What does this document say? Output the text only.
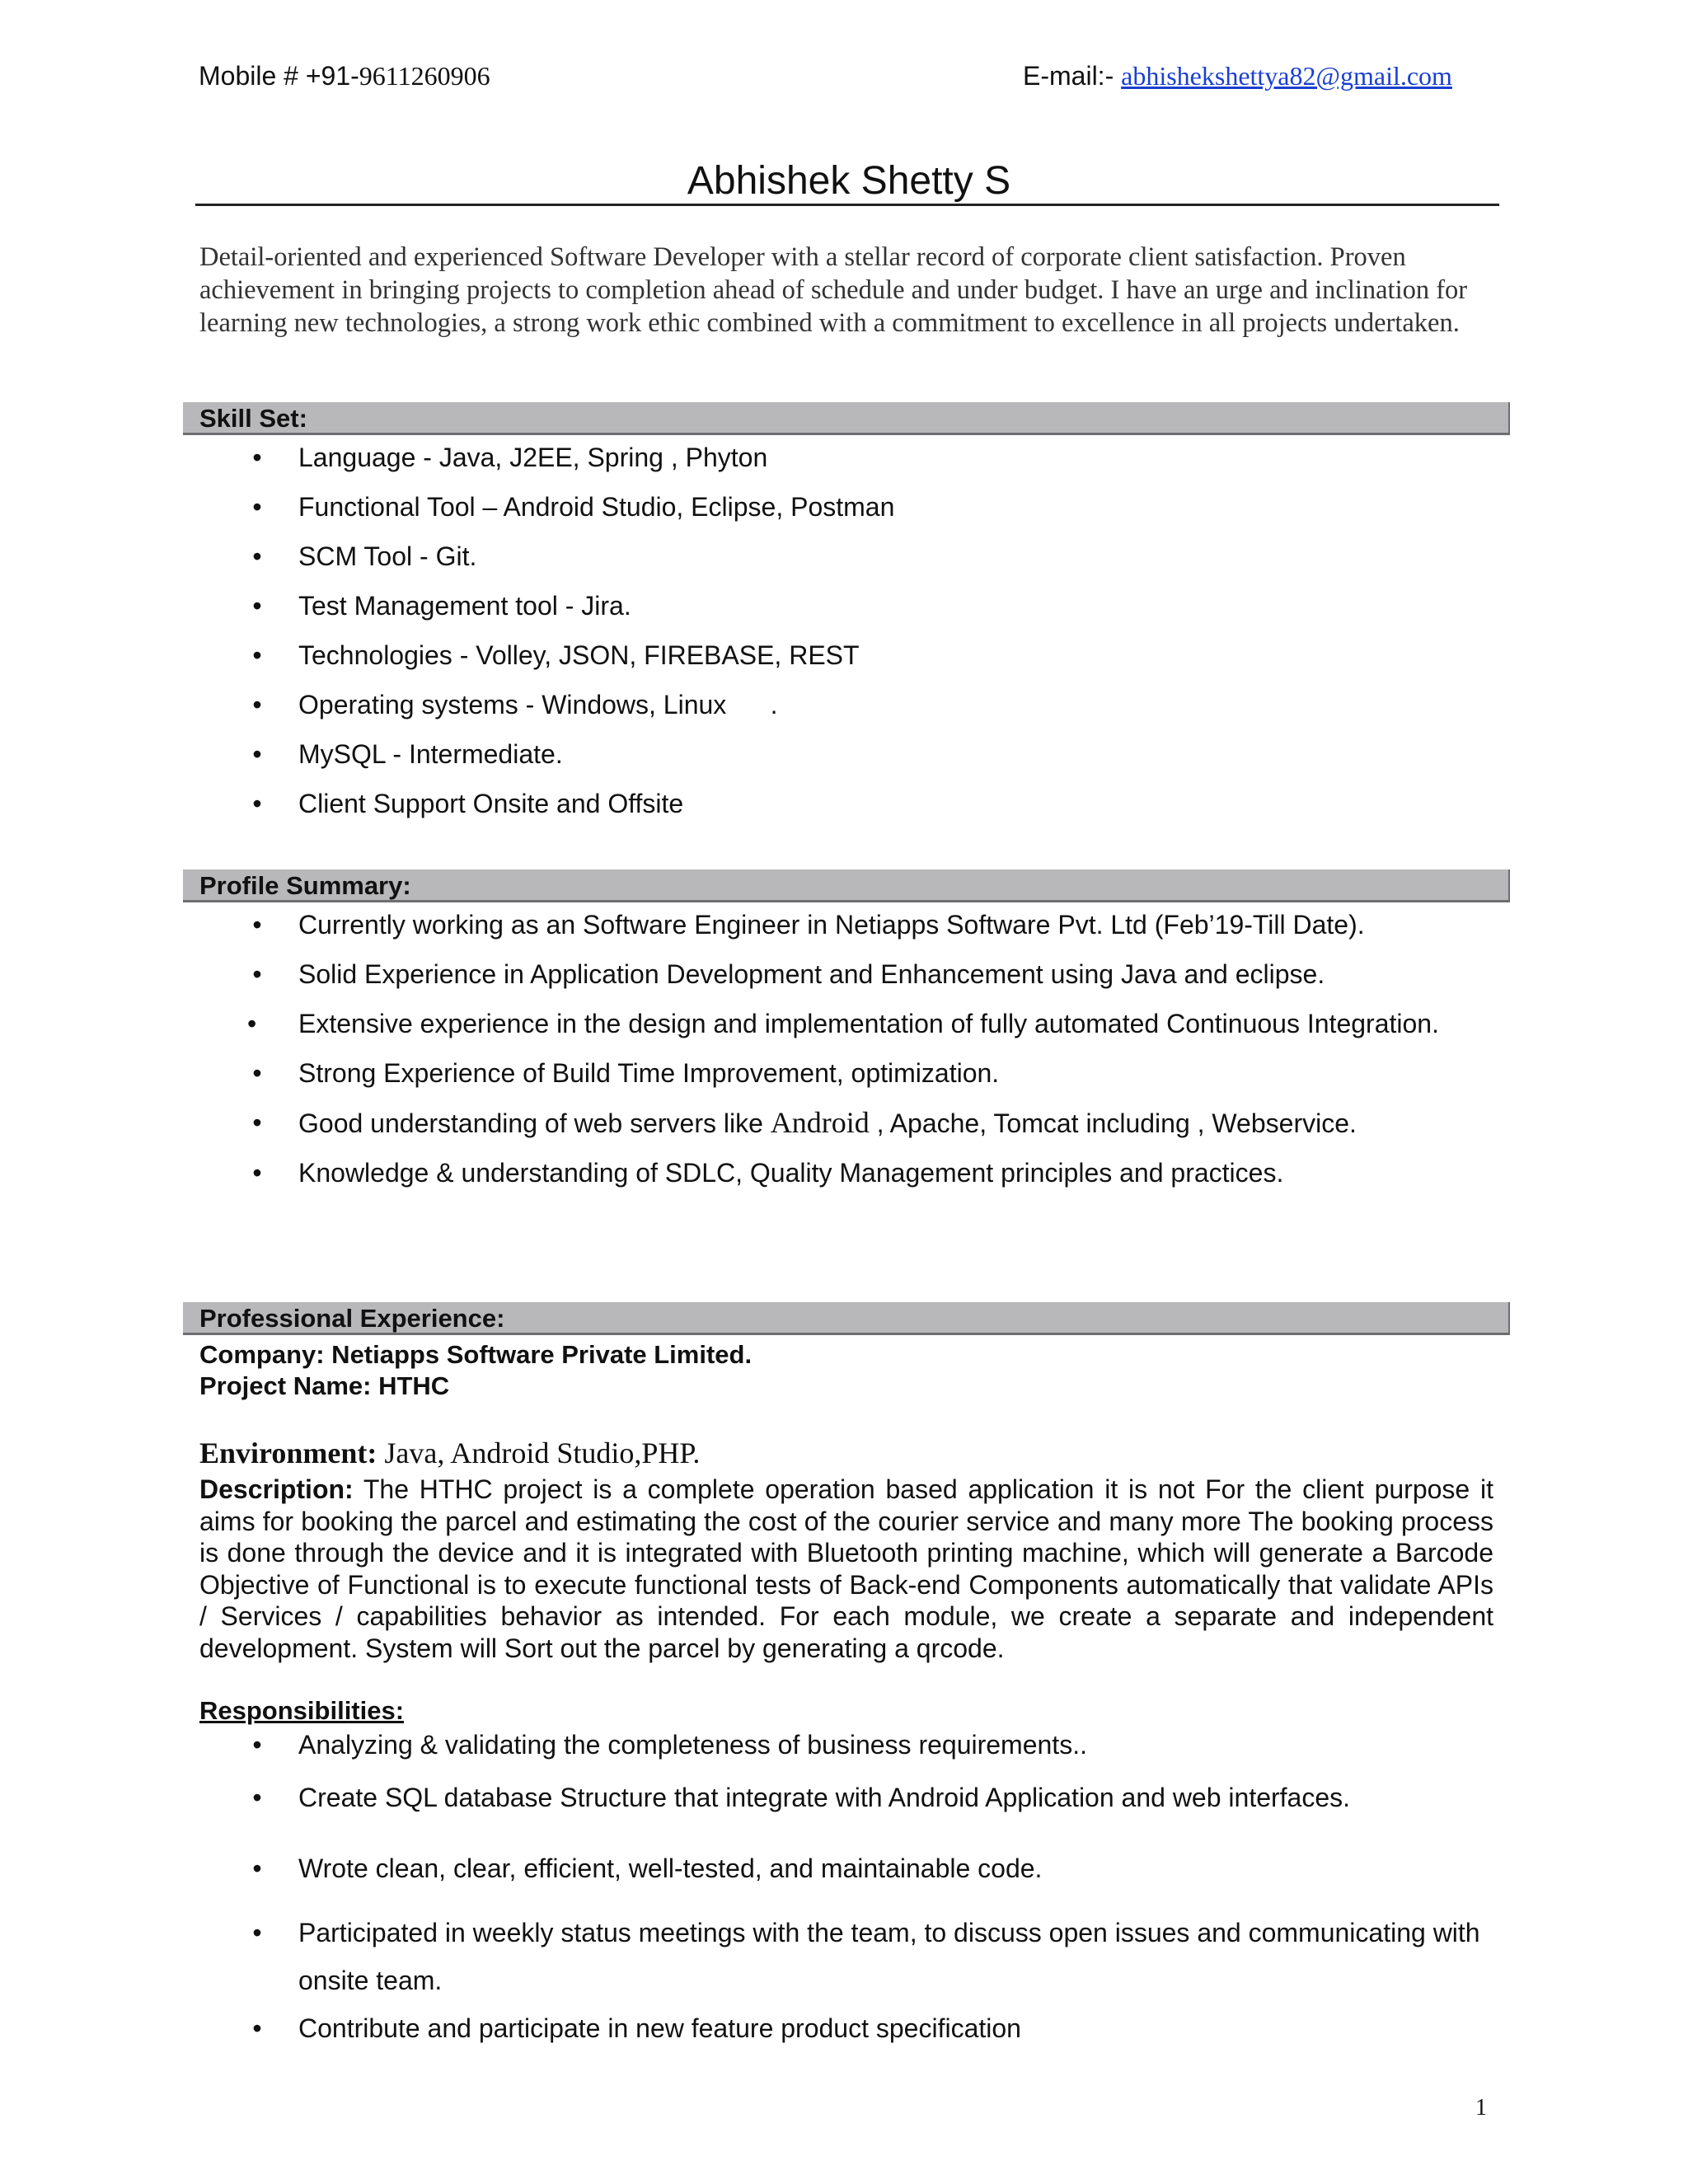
Mobile # +91-9611260906	E-mail:- abhishekshettya82@gmail.com
Abhishek Shetty S
Detail-oriented and experienced Software Developer with a stellar record of corporate client satisfaction. Proven achievement in bringing projects to completion ahead of schedule and under budget. I have an urge and inclination for learning new technologies, a strong work ethic combined with a commitment to excellence in all projects undertaken.
Skill Set:
• Language - Java, J2EE, Spring , Phyton
• Functional Tool – Android Studio, Eclipse, Postman
• SCM Tool - Git.
• Test Management tool - Jira.
• Technologies - Volley, JSON, FIREBASE, REST
• Operating systems - Windows, Linux      .
• MySQL - Intermediate.
• Client Support Onsite and Offsite
Profile Summary:
• Currently working as an Software Engineer in Netiapps Software Pvt. Ltd (Feb’19-Till Date).
• Solid Experience in Application Development and Enhancement using Java and eclipse.
•	Extensive experience in the design and implementation of fully automated Continuous Integration.
• Strong Experience of Build Time Improvement, optimization.
• Good understanding of web servers like Android , Apache, Tomcat including , Webservice.
• Knowledge & understanding of SDLC, Quality Management principles and practices.
Professional Experience:
Company: Netiapps Software Private Limited.
Project Name: HTHC
Environment: Java, Android Studio,PHP.
Description: The HTHC project is a complete operation based application it is not For the client purpose it aims for booking the parcel and estimating the cost of the courier service and many more The booking process is done through the device and it is integrated with Bluetooth printing machine, which will generate a Barcode Objective of Functional is to execute functional tests of Back-end Components automatically that validate APIs / Services / capabilities behavior as intended. For each module, we create a separate and independent development. System will Sort out the parcel by generating a qrcode.
Responsibilities:
• Analyzing & validating the completeness of business requirements..
• Create SQL database Structure that integrate with Android Application and web interfaces.
• Wrote clean, clear, efficient, well-tested, and maintainable code.
• Participated in weekly status meetings with the team, to discuss open issues and communicating with onsite team.
• Contribute and participate in new feature product specification
1
